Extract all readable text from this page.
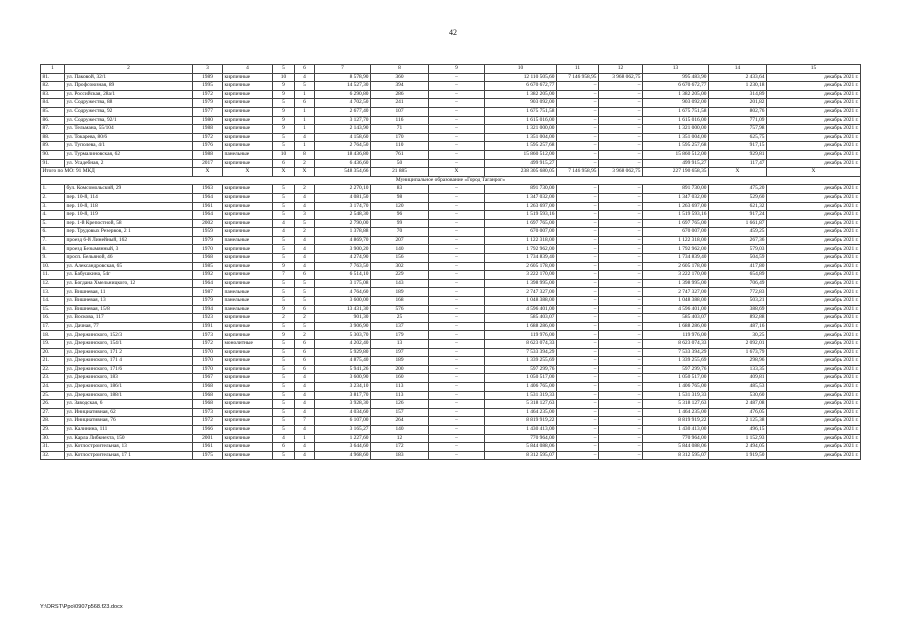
42
1	2	3	4	5	6	7	8	9	10	11	12	13	14	15
81.	ул. Паковой, 32/1	1989	кирпичные	10	4	8 578,90	360	–	12 110 505,60	7 146 958,95	3 968 062,75	995 483,90	2 433,64	декабрь 2021 г.
82.	ул. Профсоюзная, 89	1995	кирпичные	9	5	14 527,30	394	–	6 670 672,77	–	–	6 670 672,77	1 230,18	декабрь 2021 г.
83.	ул. Российская, 28а/1	1972	кирпичные	9	1	6 290,80	286	–	1 382 205,00	–	–	1 382 205,00	314,89	декабрь 2021 г.
84.	ул. Содружества, 88	1979	кирпичные	5	6	4 702,50	241	–	903 092,00	–	–	903 092,00	201,82	декабрь 2021 г.
85.	ул. Содружества, 92	1977	кирпичные	9	1	2 677,40	107	–	1 675 751,58	–	–	1 675 751,58	802,76	декабрь 2021 г.
86.	ул. Содружества, 92/1	1980	кирпичные	9	1	3 127,70	116	–	1 615 016,00	–	–	1 615 016,00	771,09	декабрь 2021 г.
87.	ул. Тельмана, 55/104	1988	кирпичные	9	1	2 143,90	71	–	1 321 000,00	–	–	1 321 000,00	757,98	декабрь 2021 г.
88.	ул. Токарева, 80/6	1972	кирпичные	5	4	4 158,60	170	–	1 351 004,00	–	–	1 351 004,00	625,75	декабрь 2021 г.
89.	ул. Туполева, 4/1	1976	кирпичные	5	1	2 764,50	110	–	1 595 257,68	–	–	1 595 257,68	917,15	декабрь 2021 г.
90.	ул. Турмалиновская, 62	1988	панельные	10	8	18 436,80	761	–	15 860 512,00	–	–	15 860 512,00	929,81	декабрь 2021 г.
91.	ул. Усадебная, 2	2017	кирпичные	6	2	6 436,60	50	–	499 915,27	–	–	499 915,27	117,47	декабрь 2021 г.
Итого по МО: 91 МКД		X	X	X	X	548 354,66	21 885	X	238 305 680,05	7 146 958,95	3 968 062,75	227 190 658,35	X	X
Муниципальное образование «Город Таганрог»														
1.	бул. Комсомольский, 29	1963	кирпичные	5	2	2 270,10	83	–	891 730,00	–	–	891 730,00	475,20	декабрь 2021 г.
2.	пер. 10-й, 114	1964	кирпичные	5	4	4 081,50	98	–	1 347 032,00	–	–	1 347 032,00	529,60	декабрь 2021 г.
3.	пер. 10-й, 118	1961	кирпичные	5	4	3 174,70	120	–	1 263 697,00	–	–	1 263 697,00	621,32	декабрь 2021 г.
4.	пер. 10-й, 119	1964	кирпичные	5	3	2 548,30	96	–	1 519 593,16	–	–	1 519 593,16	917,24	декабрь 2021 г.
5.	пер. 1-й Крепостной, 58	2002	кирпичные	4	5	2 790,00	99	–	1 697 765,00	–	–	1 697 765,00	1 661,87	декабрь 2021 г.
6.	пер. Трудовых Резервов, 2 1	1959	кирпичные	4	2	1 378,88	70	–	670 007,00	–	–	670 007,00	459,25	декабрь 2021 г.
7.	проезд 6-й Линейный, 162	1979	панельные	5	4	4 869,70	207	–	1 122 318,00	–	–	1 122 318,00	267,36	декабрь 2021 г.
8.	проезд Безымянный, 3	1970	кирпичные	5	4	3 900,20	140	–	1 792 962,00	–	–	1 792 962,00	579,03	декабрь 2021 г.
9.	просп. Бельяной, 46	1968	кирпичные	5	4	4 274,90	156	–	1 734 839,40	–	–	1 734 839,40	504,59	декабрь 2021 г.
10.	ул. Александровская, 65	1985	кирпичные	9	4	7 763,50	302	–	2 605 178,00	–	–	2 605 178,00	417,80	декабрь 2021 г.
11.	ул. Бабушкина, 54г	1992	кирпичные	7	6	6 514,10	229	–	3 222 170,00	–	–	3 222 170,00	654,89	декабрь 2021 г.
12.	ул. Богдана Хмельницкого, 12	1964	кирпичные	5	5	3 175,08	143	–	1 398 995,00	–	–	1 398 995,00	706,49	декабрь 2021 г.
13.	ул. Вишневая, 11	1987	панельные	5	5	4 764,60	189	–	2 747 327,00	–	–	2 747 327,00	772,83	декабрь 2021 г.
14.	ул. Вишневая, 13	1979	панельные	5	5	3 600,00	168	–	1 048 388,00	–	–	1 048 388,00	503,21	декабрь 2021 г.
15.	ул. Вишневая, 15/8	1994	панельные	9	6	13 431,30	576	–	4 596 401,00	–	–	4 596 401,00	388,69	декабрь 2021 г.
16.	ул. Воскова, 117	1923	кирпичные	2	2	901,30	25	–	585 403,07	–	–	585 403,07	892,88	декабрь 2021 г.
17.	ул. Дачная, 77	1991	кирпичные	5	5	3 906,90	137	–	1 688 286,00	–	–	1 688 286,00	487,16	декабрь 2021 г.
18.	ул. Дзержинского, 152/3	1973	кирпичные	9	2	5 303,70	179	–	119 976,00	–	–	119 976,00	30,25	декабрь 2021 г.
19.	ул. Дзержинского, 154/1	1972	монолитные	5	6	4 202,40	13	–	8 623 074,33	–	–	8 623 074,33	2 092,01	декабрь 2021 г.
20.	ул. Дзержинского, 171 2	1970	кирпичные	5	6	5 929,80	197	–	7 533 394,29	–	–	7 533 394,29	1 673,79	декабрь 2021 г.
21.	ул. Дзержинского, 171 4	1970	кирпичные	5	6	4 875,40	189	–	1 339 255,69	–	–	1 339 255,69	298,96	декабрь 2021 г.
22.	ул. Дзержинского, 171/6	1970	кирпичные	5	6	5 941,26	200	–	597 299,76	–	–	597 299,76	133,35	декабрь 2021 г.
23.	ул. Дзержинского, 183	1967	кирпичные	5	4	3 600,90	160	–	1 050 517,00	–	–	1 050 517,00	409,81	декабрь 2021 г.
24.	ул. Дзержинского, 186/1	1968	кирпичные	5	4	3 234,10	113	–	1 406 765,00	–	–	1 406 765,00	485,53	декабрь 2021 г.
25.	ул. Дзержинского, 188/1	1968	кирпичные	5	4	3 817,70	113	–	1 531 319,33	–	–	1 531 319,33	530,60	декабрь 2021 г.
26.	ул. Заводская, 6	1968	кирпичные	5	4	3 928,30	126	–	5 318 127,63	–	–	5 318 127,63	2 487,08	декабрь 2021 г.
27.	ул. Инициативная, 62	1973	кирпичные	5	4	4 034,60	157	–	1 464 235,00	–	–	1 464 235,00	476,05	декабрь 2021 г.
28.	ул. Инициативная, 76	1972	кирпичные	5	7	6 107,00	264	–	8 819 919,22	–	–	8 819 919,22	2 125,38	декабрь 2021 г.
29.	ул. Калинина, 111	1966	кирпичные	5	4	3 165,27	140	–	1 430 413,00	–	–	1 430 413,00	496,15	декабрь 2021 г.
30.	ул. Карла Либкнехта, 150	2001	кирпичные	4	1	1 227,60	12	–	770 964,00	–	–	770 964,00	1 152,93	декабрь 2021 г.
31.	ул. Котлостроительная, 13	1961	кирпичные	6	4	3 644,60	172	–	5 844 088,06	–	–	5 844 088,06	2 494,05	декабрь 2021 г.
32.	ул. Котлостроительная, 17 1	1975	кирпичные	5	4	4 968,60	183	–	8 312 595,07	–	–	8 312 595,07	1 919,50	декабрь 2021 г.
Y:\ORST\Ppo\0907p568.f23.docx
